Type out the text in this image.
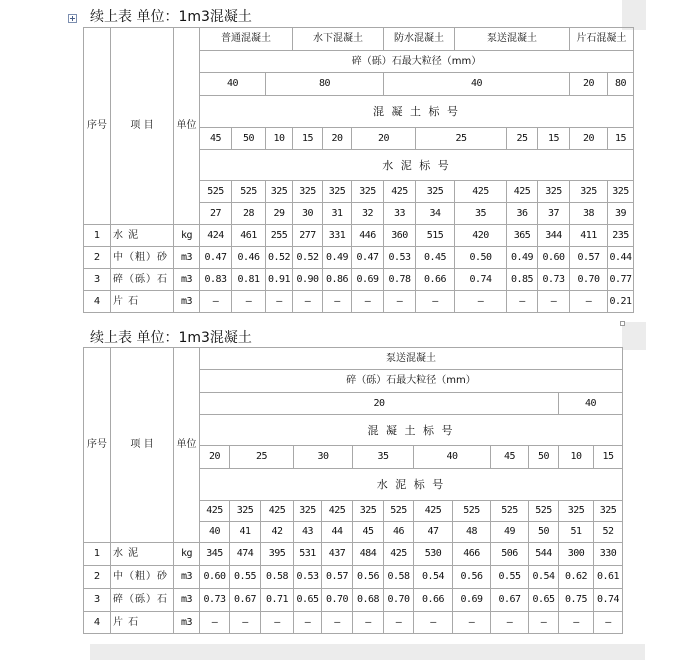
续上表 单位：1m3混凝土
序号	项 目	单位	普通混凝土			水下混凝土			防水混凝土		泵送混凝土			片石混凝土	
			碎（砾）石最大粒径（mm）												
			40		80				40					20	80
			混 凝 土 标 号												
			45	50	10	15	20	20		25		25	15	20	15
			水 泥 标 号												
			525	525	325	325	325	325	425	325	425	425	325	325	325
			27	28	29	30	31	32	33	34	35	36	37	38	39
1	水 泥	kg	424	461	255	277	331	446	360	515	420	365	344	411	235
2	中（粗）砂	m3	0.47	0.46	0.52	0.52	0.49	0.47	0.53	0.45	0.50	0.49	0.60	0.57	0.44
3	碎（砾）石	m3	0.83	0.81	0.91	0.90	0.86	0.69	0.78	0.66	0.74	0.85	0.73	0.70	0.77
4	片 石	m3	—	—	—	—	—	—	—	—	—	—	—	—	0.21
续上表 单位：1m3混凝土
序号	项 目	单位	泵送混凝土												
			碎（砾）石最大粒径（mm）												
			20											40	
			混 凝 土 标 号												
			20	25		30		35		40		45	50	10	15
			水 泥 标 号												
			425	325	425	325	425	325	525	425	525	525	525	325	325
			40	41	42	43	44	45	46	47	48	49	50	51	52
1	水 泥	kg	345	474	395	531	437	484	425	530	466	506	544	300	330
2	中（粗）砂	m3	0.60	0.55	0.58	0.53	0.57	0.56	0.58	0.54	0.56	0.55	0.54	0.62	0.61
3	碎（砾）石	m3	0.73	0.67	0.71	0.65	0.70	0.68	0.70	0.66	0.69	0.67	0.65	0.75	0.74
4	片 石	m3	—	—	—	—	—	—	—	—	—	—	—	—	—
